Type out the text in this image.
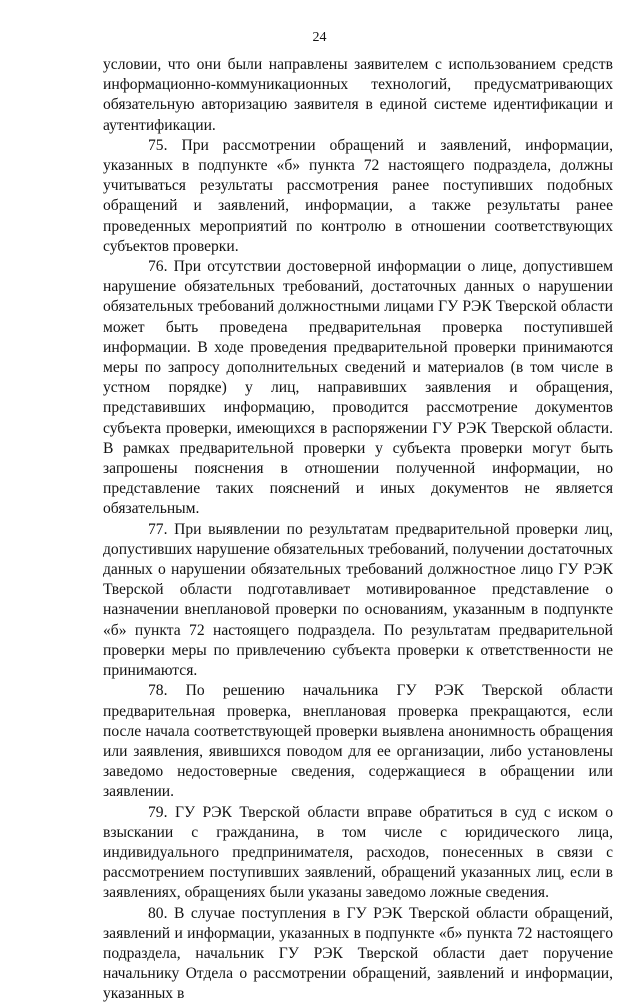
24

условии, что они были направлены заявителем с использованием средств информационно-коммуникационных технологий, предусматривающих обязательную авторизацию заявителя в единой системе идентификации и аутентификации.

75. При рассмотрении обращений и заявлений, информации, указанных в подпункте «б» пункта 72 настоящего подраздела, должны учитываться результаты рассмотрения ранее поступивших подобных обращений и заявлений, информации, а также результаты ранее проведенных мероприятий по контролю в отношении соответствующих субъектов проверки.

76. При отсутствии достоверной информации о лице, допустившем нарушение обязательных требований, достаточных данных о нарушении обязательных требований должностными лицами ГУ РЭК Тверской области может быть проведена предварительная проверка поступившей информации. В ходе проведения предварительной проверки принимаются меры по запросу дополнительных сведений и материалов (в том числе в устном порядке) у лиц, направивших заявления и обращения, представивших информацию, проводится рассмотрение документов субъекта проверки, имеющихся в распоряжении ГУ РЭК Тверской области. В рамках предварительной проверки у субъекта проверки могут быть запрошены пояснения в отношении полученной информации, но представление таких пояснений и иных документов не является обязательным.

77. При выявлении по результатам предварительной проверки лиц, допустивших нарушение обязательных требований, получении достаточных данных о нарушении обязательных требований должностное лицо ГУ РЭК Тверской области подготавливает мотивированное представление о назначении внеплановой проверки по основаниям, указанным в подпункте «б» пункта 72 настоящего подраздела. По результатам предварительной проверки меры по привлечению субъекта проверки к ответственности не принимаются.

78. По решению начальника ГУ РЭК Тверской области предварительная проверка, внеплановая проверка прекращаются, если после начала соответствующей проверки выявлена анонимность обращения или заявления, явившихся поводом для ее организации, либо установлены заведомо недостоверные сведения, содержащиеся в обращении или заявлении.

79. ГУ РЭК Тверской области вправе обратиться в суд с иском о взыскании с гражданина, в том числе с юридического лица, индивидуального предпринимателя, расходов, понесенных в связи с рассмотрением поступивших заявлений, обращений указанных лиц, если в заявлениях, обращениях были указаны заведомо ложные сведения.

80. В случае поступления в ГУ РЭК Тверской области обращений, заявлений и информации, указанных в подпункте «б» пункта 72 настоящего подраздела, начальник ГУ РЭК Тверской области дает поручение начальнику Отдела о рассмотрении обращений, заявлений и информации, указанных в
